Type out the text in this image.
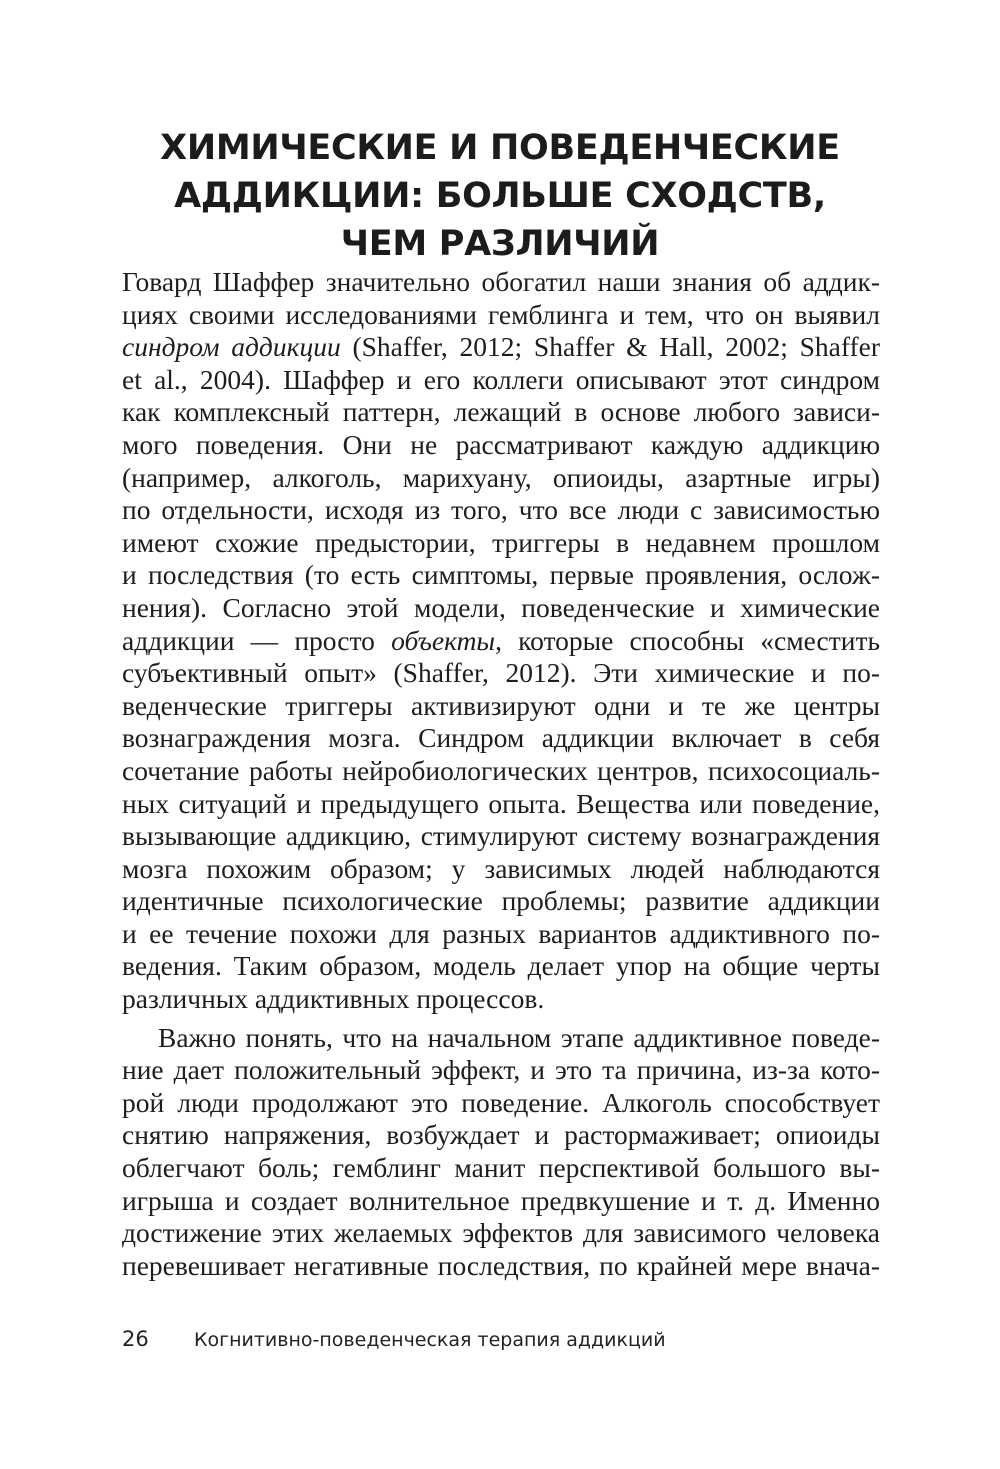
ХИМИЧЕСКИЕ И ПОВЕДЕНЧЕСКИЕ
АДДИКЦИИ: БОЛЬШЕ СХОДСТВ,
ЧЕМ РАЗЛИЧИЙ
Говард Шаффер значительно обогатил наши знания об аддик-
циях своими исследованиями гемблинга и тем, что он выявил
синдром аддикции (Shaffer, 2012; Shaffer & Hall, 2002; Shaffer
et al., 2004). Шаффер и его коллеги описывают этот синдром
как комплексный паттерн, лежащий в основе любого зависи-
мого поведения. Они не рассматривают каждую аддикцию
(например, алкоголь, марихуану, опиоиды, азартные игры)
по отдельности, исходя из того, что все люди с зависимостью
имеют схожие предыстории, триггеры в недавнем прошлом
и последствия (то есть симптомы, первые проявления, ослож-
нения). Согласно этой модели, поведенческие и химические
аддикции — просто объекты, которые способны «сместить
субъективный опыт» (Shaffer, 2012). Эти химические и по-
веденческие триггеры активизируют одни и те же центры
вознаграждения мозга. Синдром аддикции включает в себя
сочетание работы нейробиологических центров, психосоциаль-
ных ситуаций и предыдущего опыта. Вещества или поведение,
вызывающие аддикцию, стимулируют систему вознаграждения
мозга похожим образом; у зависимых людей наблюдаются
идентичные психологические проблемы; развитие аддикции
и ее течение похожи для разных вариантов аддиктивного по-
ведения. Таким образом, модель делает упор на общие черты
различных аддиктивных процессов.
Важно понять, что на начальном этапе аддиктивное поведе-
ние дает положительный эффект, и это та причина, из-за кото-
рой люди продолжают это поведение. Алкоголь способствует
снятию напряжения, возбуждает и растормаживает; опиоиды
облегчают боль; гемблинг манит перспективой большого вы-
игрыша и создает волнительное предвкушение и т. д. Именно
достижение этих желаемых эффектов для зависимого человека
перевешивает негативные последствия, по крайней мере внача-
26 Когнитивно-поведенческая терапия аддикций
